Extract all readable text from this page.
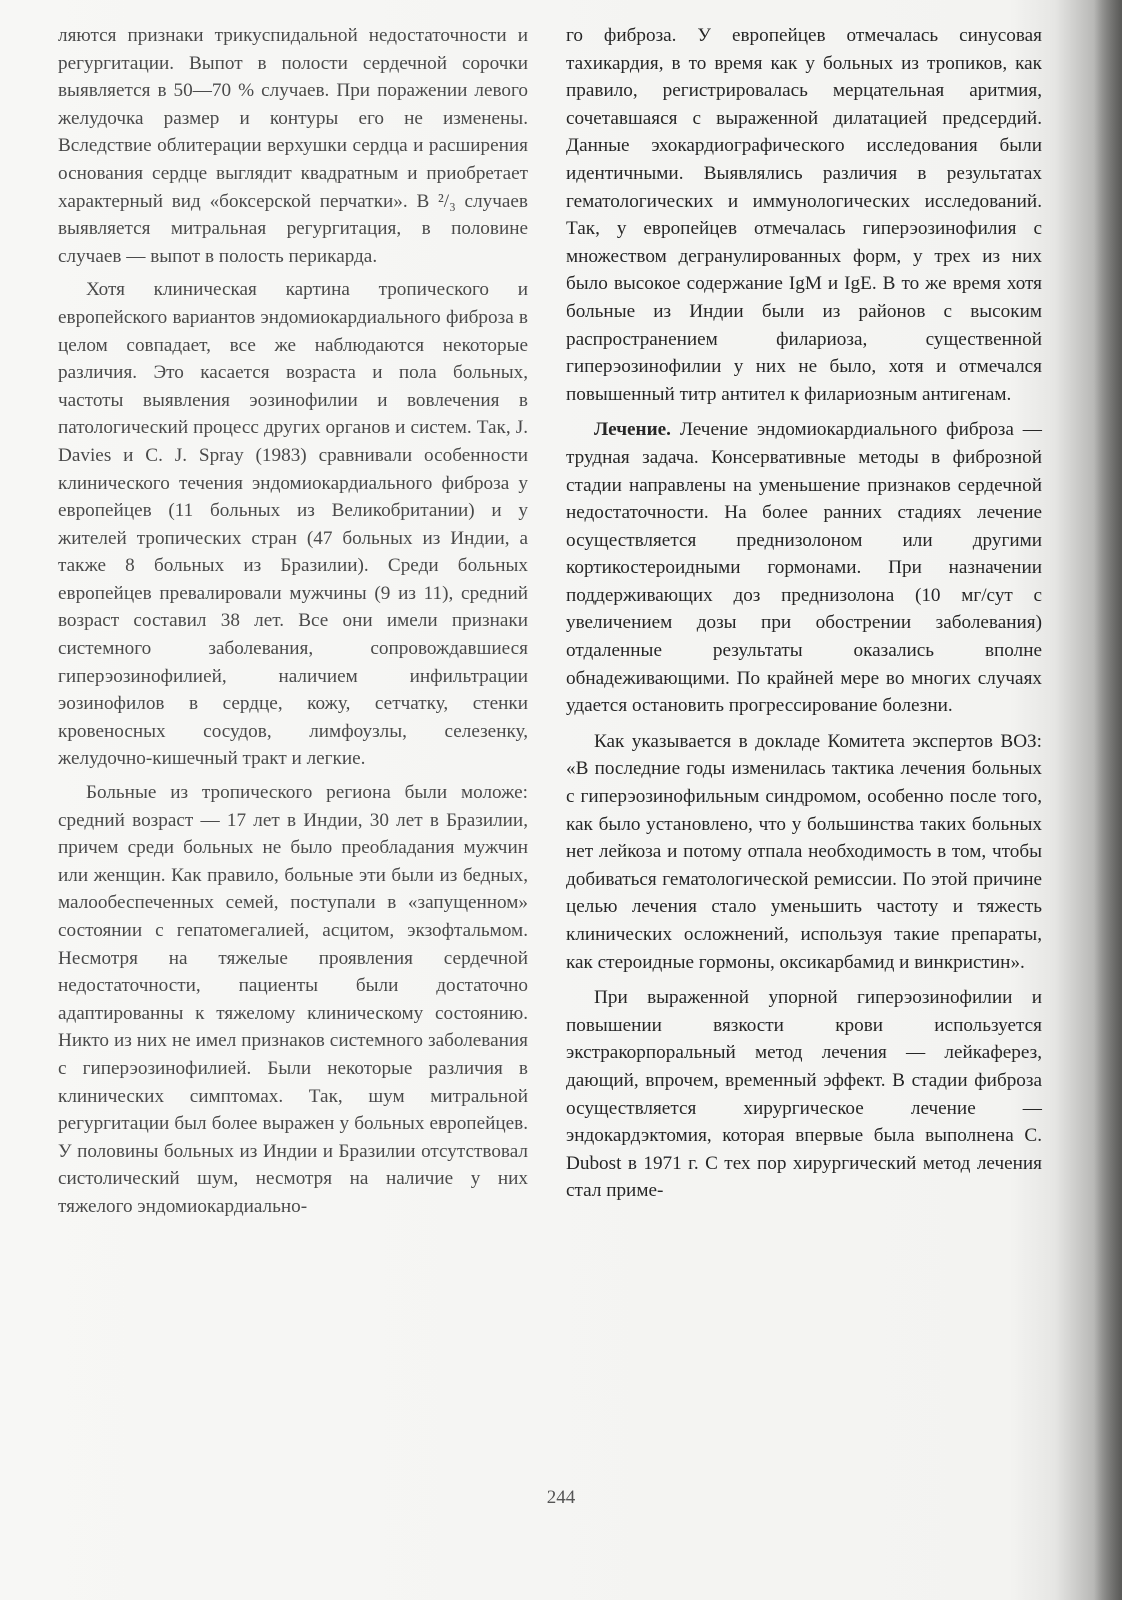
ляются признаки трикуспидальной недостаточности и регургитации. Выпот в полости сердечной сорочки выявляется в 50—70 % случаев. При поражении левого желудочка размер и контуры его не изменены. Вследствие облитерации верхушки сердца и расширения основания сердце выглядит квадратным и приобретает характерный вид «боксерской перчатки». В ²/₃ случаев выявляется митральная регургитация, в половине случаев — выпот в полость перикарда.

Хотя клиническая картина тропического и европейского вариантов эндомиокардиального фиброза в целом совпадает, все же наблюдаются некоторые различия. Это касается возраста и пола больных, частоты выявления эозинофилии и вовлечения в патологический процесс других органов и систем. Так, J. Davies и C. J. Spray (1983) сравнивали особенности клинического течения эндомиокардиального фиброза у европейцев (11 больных из Великобритании) и у жителей тропических стран (47 больных из Индии, а также 8 больных из Бразилии). Среди больных европейцев превалировали мужчины (9 из 11), средний возраст составил 38 лет. Все они имели признаки системного заболевания, сопровождавшиеся гиперэозинофилией, наличием инфильтрации эозинофилов в сердце, кожу, сетчатку, стенки кровеносных сосудов, лимфоузлы, селезенку, желудочно-кишечный тракт и легкие.

Больные из тропического региона были моложе: средний возраст — 17 лет в Индии, 30 лет в Бразилии, причем среди больных не было преобладания мужчин или женщин. Как правило, больные эти были из бедных, малообеспеченных семей, поступали в «запущенном» состоянии с гепатомегалией, асцитом, экзофтальмом. Несмотря на тяжелые проявления сердечной недостаточности, пациенты были достаточно адаптированны к тяжелому клиническому состоянию. Никто из них не имел признаков системного заболевания с гиперэозинофилией. Были некоторые различия в клинических симптомах. Так, шум митральной регургитации был более выражен у больных европейцев. У половины больных из Индии и Бразилии отсутствовал систолический шум, несмотря на наличие у них тяжелого эндомиокардиально-

го фиброза. У европейцев отмечалась синусовая тахикардия, в то время как у больных из тропиков, как правило, регистрировалась мерцательная аритмия, сочетавшаяся с выраженной дилатацией предсердий. Данные эхокардиографического исследования были идентичными. Выявлялись различия в результатах гематологических и иммунологических исследований. Так, у европейцев отмечалась гиперэозинофилия с множеством дегранулированных форм, у трех из них было высокое содержание IgM и IgE. В то же время хотя больные из Индии были из районов с высоким распространением филариоза, существенной гиперэозинофилии у них не было, хотя и отмечался повышенный титр антител к филариозным антигенам.

Лечение. Лечение эндомиокардиального фиброза — трудная задача. Консервативные методы в фиброзной стадии направлены на уменьшение признаков сердечной недостаточности. На более ранних стадиях лечение осуществляется преднизолоном или другими кортикостероидными гормонами. При назначении поддерживающих доз преднизолона (10 мг/сут с увеличением дозы при обострении заболевания) отдаленные результаты оказались вполне обнадеживающими. По крайней мере во многих случаях удается остановить прогрессирование болезни.

Как указывается в докладе Комитета экспертов ВОЗ: «В последние годы изменилась тактика лечения больных с гиперэозинофильным синдромом, особенно после того, как было установлено, что у большинства таких больных нет лейкоза и потому отпала необходимость в том, чтобы добиваться гематологической ремиссии. По этой причине целью лечения стало уменьшить частоту и тяжесть клинических осложнений, используя такие препараты, как стероидные гормоны, оксикарбамид и винкристин».

При выраженной упорной гиперэозинофилии и повышении вязкости крови используется экстракорпоральный метод лечения — лейкаферез, дающий, впрочем, временный эффект. В стадии фиброза осуществляется хирургическое лечение — эндокардэктомия, которая впервые была выполнена C. Dubost в 1971 г. С тех пор хирургический метод лечения стал приме-

244
